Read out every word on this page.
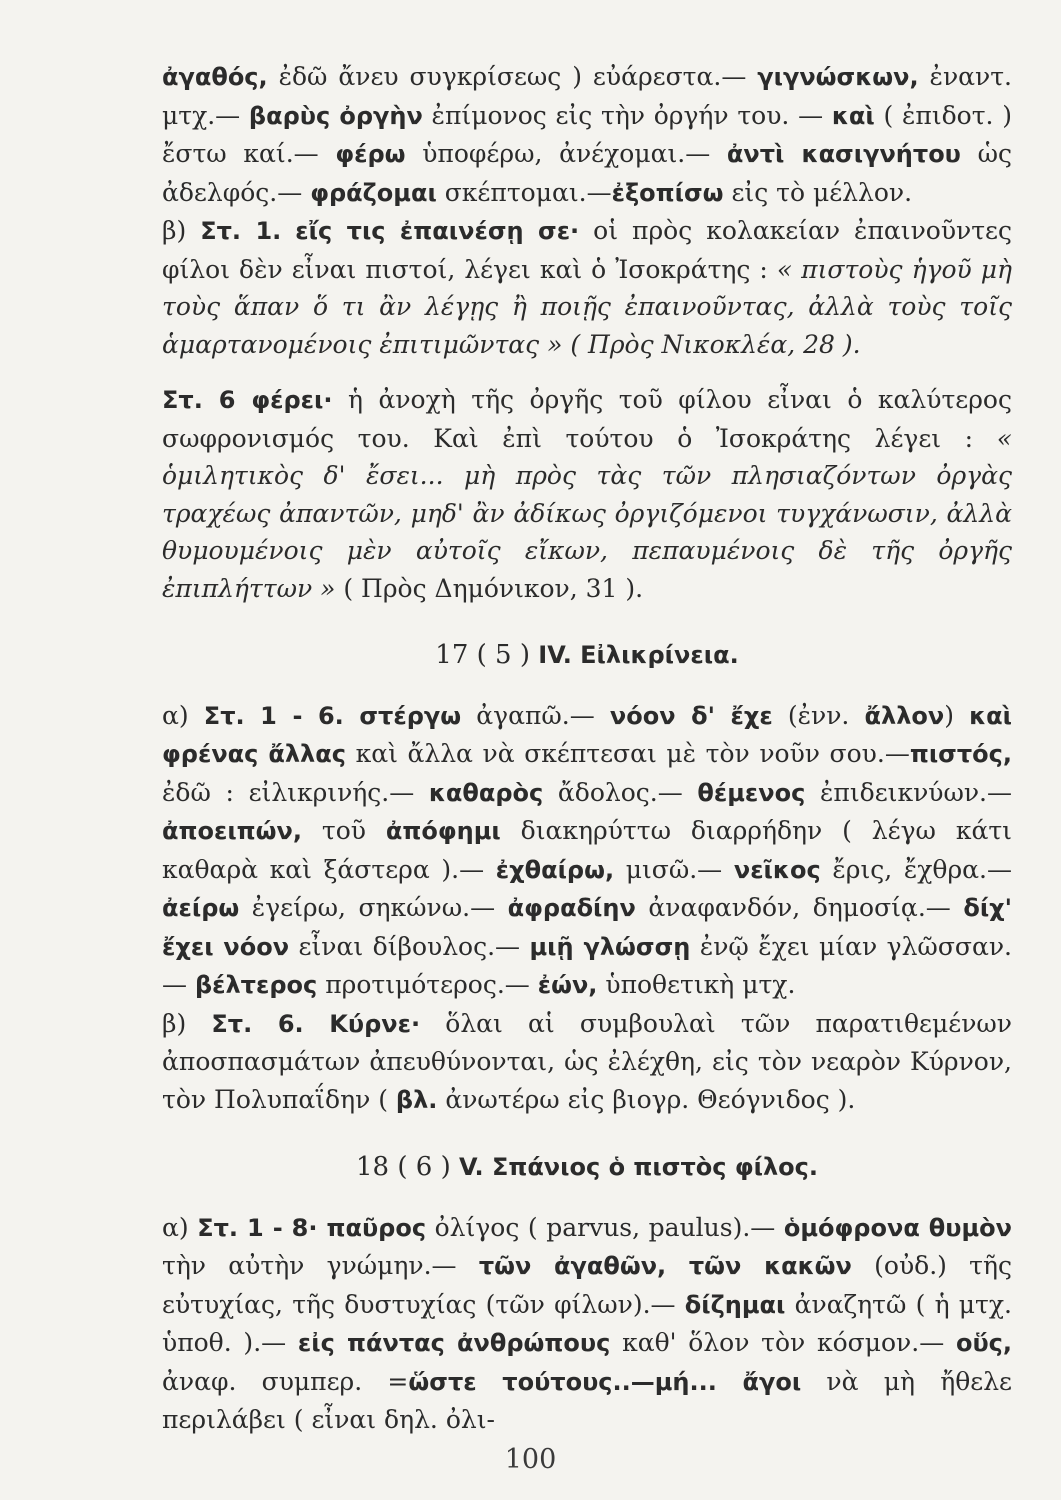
ἀγαθός, ἐδῶ ἄνευ συγκρίσεως ) εὐάρεστα.— γιγνώσκων, ἐναντ. μτχ.— βαρὺς ὀργὴν ἐπίμονος εἰς τὴν ὀργήν του. — καὶ ( ἐπιδοτ. ) ἔστω καί.— φέρω ὑποφέρω, ἀνέχομαι.— ἀντὶ κασιγνήτου ὡς ἀδελφός.— φράζομαι σκέπτομαι.—ἐξοπίσω εἰς τὸ μέλλον.

β) Στ. 1. εἴς τις ἐπαινέσῃ σε· οἱ πρὸς κολακείαν ἐπαινοῦντες φίλοι δὲν εἶναι πιστοί, λέγει καὶ ὁ Ἰσοκράτης : « πιστοὺς ἡγοῦ μὴ τοὺς ἅπαν ὅ τι ἂν λέγῃς ἢ ποιῇς ἐπαινοῦντας, ἀλλὰ τοὺς τοῖς ἁμαρτανομένοις ἐπιτιμῶντας » ( Πρὸς Νικοκλέα, 28 ).

Στ. 6 φέρει· ἡ ἀνοχὴ τῆς ὀργῆς τοῦ φίλου εἶναι ὁ καλύτερος σωφρονισμός του. Καὶ ἐπὶ τούτου ὁ Ἰσοκράτης λέγει : « ὁμιλητικὸς δ' ἔσει... μὴ πρὸς τὰς τῶν πλησιαζόντων ὀργὰς τραχέως ἀπαντῶν, μηδ' ἂν ἀδίκως ὀργιζόμενοι τυγχάνωσιν, ἀλλὰ θυμουμένοις μὲν αὐτοῖς εἴκων, πεπαυμένοις δὲ τῆς ὀργῆς ἐπιπλήττων » ( Πρὸς Δημόνικον, 31 ).

17 ( 5 ) IV. Εἰλικρίνεια.

α) Στ. 1 - 6. στέργω ἀγαπῶ.— νόον δ' ἔχε (ἐνν. ἄλλον) καὶ φρένας ἄλλας καὶ ἄλλα νὰ σκέπτεσαι μὲ τὸν νοῦν σου.—πιστός, ἐδῶ : εἰλικρινής.— καθαρὸς ἄδολος.— θέμενος ἐπιδεικνύων.— ἀποειπών, τοῦ ἀπόφημι διακηρύττω διαρρήδην ( λέγω κάτι καθαρὰ καὶ ξάστερα ).— ἐχθαίρω, μισῶ.— νεῖκος ἔρις, ἔχθρα.— ἀείρω ἐγείρω, σηκώνω.— ἀφραδίην ἀναφανδόν, δημοσίᾳ.— δίχ' ἔχει νόον εἶναι δίβουλος.— μιῇ γλώσσῃ ἐνῷ ἔχει μίαν γλῶσσαν.— βέλτερος προτιμότερος.— ἐών, ὑποθετικὴ μτχ.

β) Στ. 6. Κύρνε· ὅλαι αἱ συμβουλαὶ τῶν παρατιθεμένων ἀποσπασμάτων ἀπευθύνονται, ὡς ἐλέχθη, εἰς τὸν νεαρὸν Κύρνον, τὸν Πολυπαΐδην ( βλ. ἀνωτέρω εἰς βιογρ. Θεόγνιδος ).

18 ( 6 ) V. Σπάνιος ὁ πιστὸς φίλος.

α) Στ. 1 - 8· παῦρος ὀλίγος ( parvus, paulus).— ὁμόφρονα θυμὸν τὴν αὐτὴν γνώμην.— τῶν ἀγαθῶν, τῶν κακῶν (οὐδ.) τῆς εὐτυχίας, τῆς δυστυχίας (τῶν φίλων).— δίζημαι ἀναζητῶ ( ἡ μτχ. ὑποθ. ).— εἰς πάντας ἀνθρώπους καθ' ὅλον τὸν κόσμον.— οὕς, ἀναφ. συμπερ. =ὥστε τούτους..—μή... ἄγοι νὰ μὴ ἤθελε περιλάβει ( εἶναι δηλ. ὀλι-

100
